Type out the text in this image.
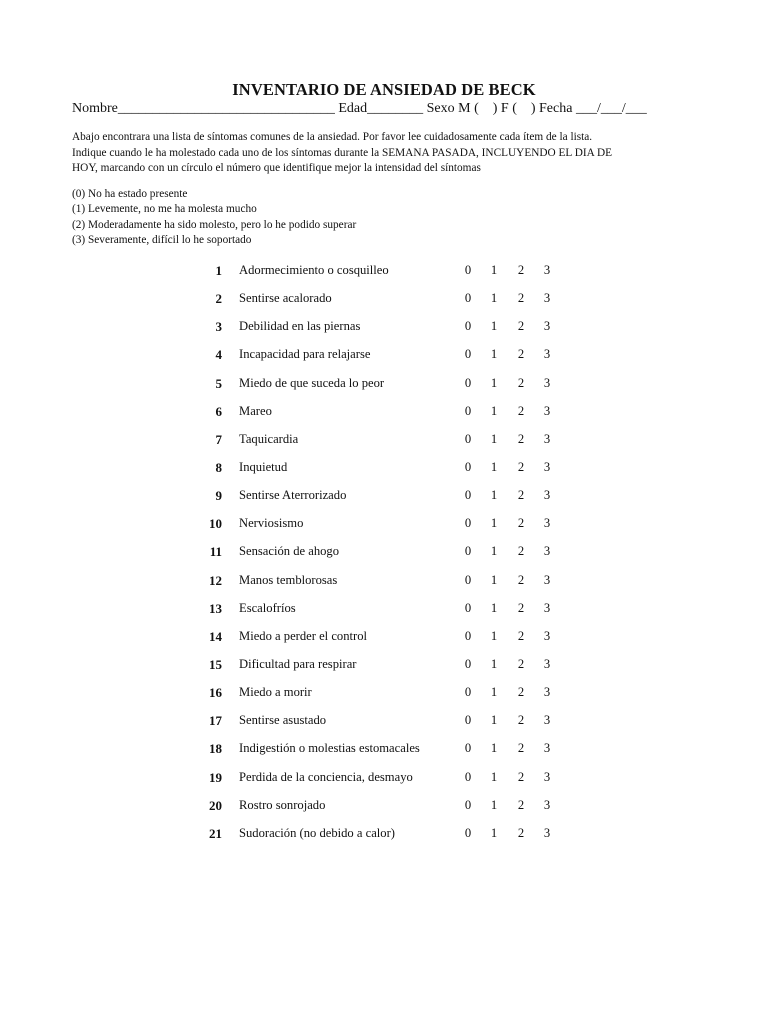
INVENTARIO DE ANSIEDAD DE BECK
Nombre_______________________________ Edad________ Sexo M (    ) F (    ) Fecha ___/___/___
Abajo encontrara una lista de síntomas comunes de la ansiedad. Por favor lee cuidadosamente cada ítem de la lista.
Indique cuando le ha molestado cada uno de los síntomas durante la SEMANA PASADA, INCLUYENDO EL DIA DE
HOY, marcando con un círculo el número que identifique mejor la intensidad del síntomas
(0) No ha estado presente
(1) Levemente, no me ha molesta mucho
(2) Moderadamente ha sido molesto, pero lo he podido superar
(3) Severamente, difícil lo he soportado
1 Adormecimiento o cosquilleo	0	1	2	3
2 Sentirse acalorado	0	1	2	3
3 Debilidad en las piernas	0	1	2	3
4 Incapacidad para relajarse	0	1	2	3
5 Miedo de que suceda lo peor	0	1	2	3
6 Mareo	0	1	2	3
7 Taquicardia	0	1	2	3
8 Inquietud	0	1	2	3
9 Sentirse Aterrorizado	0	1	2	3
10 Nerviosismo	0	1	2	3
11 Sensación de ahogo	0	1	2	3
12 Manos temblorosas	0	1	2	3
13 Escalofríos	0	1	2	3
14 Miedo a perder el control	0	1	2	3
15 Dificultad para respirar	0	1	2	3
16 Miedo a morir	0	1	2	3
17 Sentirse asustado	0	1	2	3
18 Indigestión o molestias estomacales	0	1	2	3
19 Perdida de la conciencia, desmayo	0	1	2	3
20 Rostro sonrojado	0	1	2	3
21 Sudoración (no debido a calor)	0	1	2	3
